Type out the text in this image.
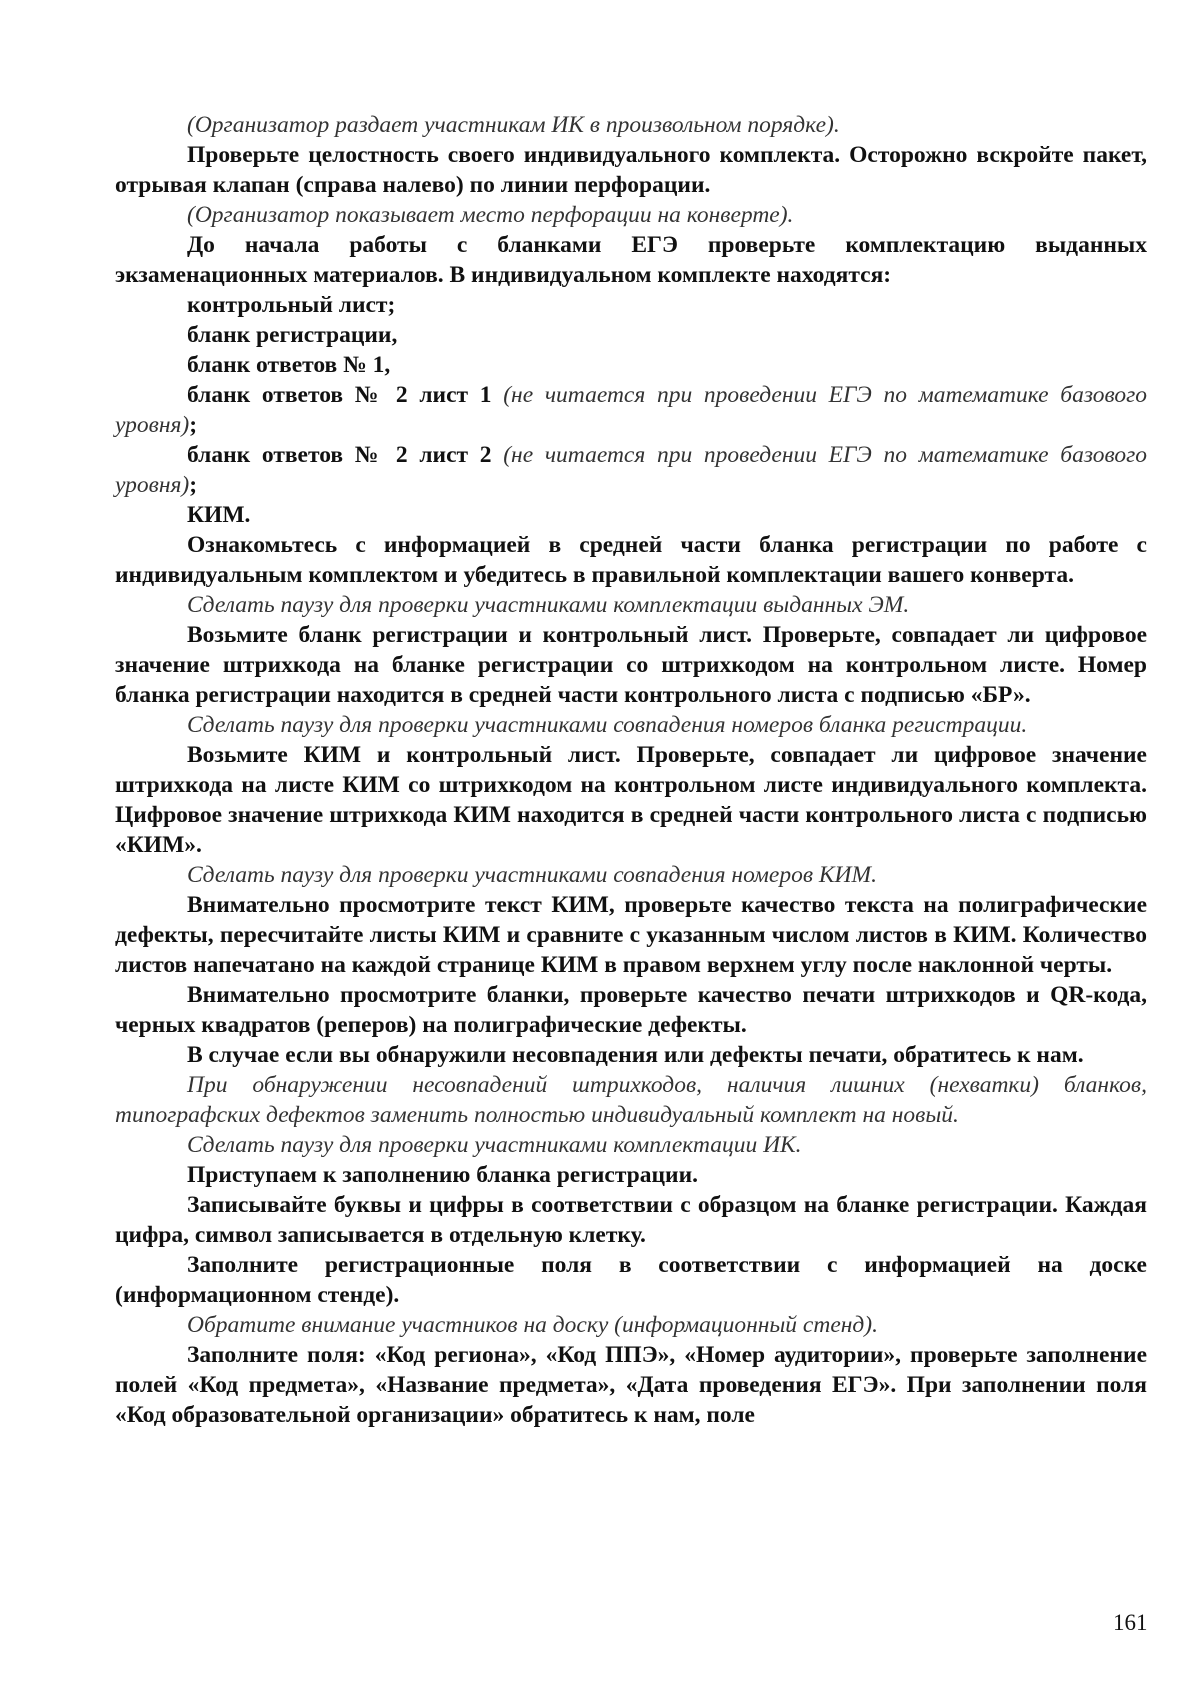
(Организатор раздает участникам ИК в произвольном порядке).

Проверьте целостность своего индивидуального комплекта. Осторожно вскройте пакет, отрывая клапан (справа налево) по линии перфорации.

(Организатор показывает место перфорации на конверте).

До начала работы с бланками ЕГЭ проверьте комплектацию выданных экзаменационных материалов. В индивидуальном комплекте находятся:

контрольный лист;

бланк регистрации,

бланк ответов № 1,

бланк ответов № 2 лист 1 (не читается при проведении ЕГЭ по математике базового уровня);

бланк ответов № 2 лист 2 (не читается при проведении ЕГЭ по математике базового уровня);

КИМ.

Ознакомьтесь с информацией в средней части бланка регистрации по работе с индивидуальным комплектом и убедитесь в правильной комплектации вашего конверта.

Сделать паузу для проверки участниками комплектации выданных ЭМ.

Возьмите бланк регистрации и контрольный лист. Проверьте, совпадает ли цифровое значение штрихкода на бланке регистрации со штрихкодом на контрольном листе. Номер бланка регистрации находится в средней части контрольного листа с подписью «БР».

Сделать паузу для проверки участниками совпадения номеров бланка регистрации.

Возьмите КИМ и контрольный лист. Проверьте, совпадает ли цифровое значение штрихкода на листе КИМ со штрихкодом на контрольном листе индивидуального комплекта. Цифровое значение штрихкода КИМ находится в средней части контрольного листа с подписью «КИМ».

Сделать паузу для проверки участниками совпадения номеров КИМ.

Внимательно просмотрите текст КИМ, проверьте качество текста на полиграфические дефекты, пересчитайте листы КИМ и сравните с указанным числом листов в КИМ. Количество листов напечатано на каждой странице КИМ в правом верхнем углу после наклонной черты.

Внимательно просмотрите бланки, проверьте качество печати штрихкодов и QR-кода, черных квадратов (реперов) на полиграфические дефекты.

В случае если вы обнаружили несовпадения или дефекты печати, обратитесь к нам.

При обнаружении несовпадений штрихкодов, наличия лишних (нехватки) бланков, типографских дефектов заменить полностью индивидуальный комплект на новый.

Сделать паузу для проверки участниками комплектации ИК.

Приступаем к заполнению бланка регистрации.

Записывайте буквы и цифры в соответствии с образцом на бланке регистрации. Каждая цифра, символ записывается в отдельную клетку.

Заполните регистрационные поля в соответствии с информацией на доске (информационном стенде).

Обратите внимание участников на доску (информационный стенд).

Заполните поля: «Код региона», «Код ППЭ», «Номер аудитории», проверьте заполнение полей «Код предмета», «Название предмета», «Дата проведения ЕГЭ». При заполнении поля «Код образовательной организации» обратитесь к нам, поле

161
